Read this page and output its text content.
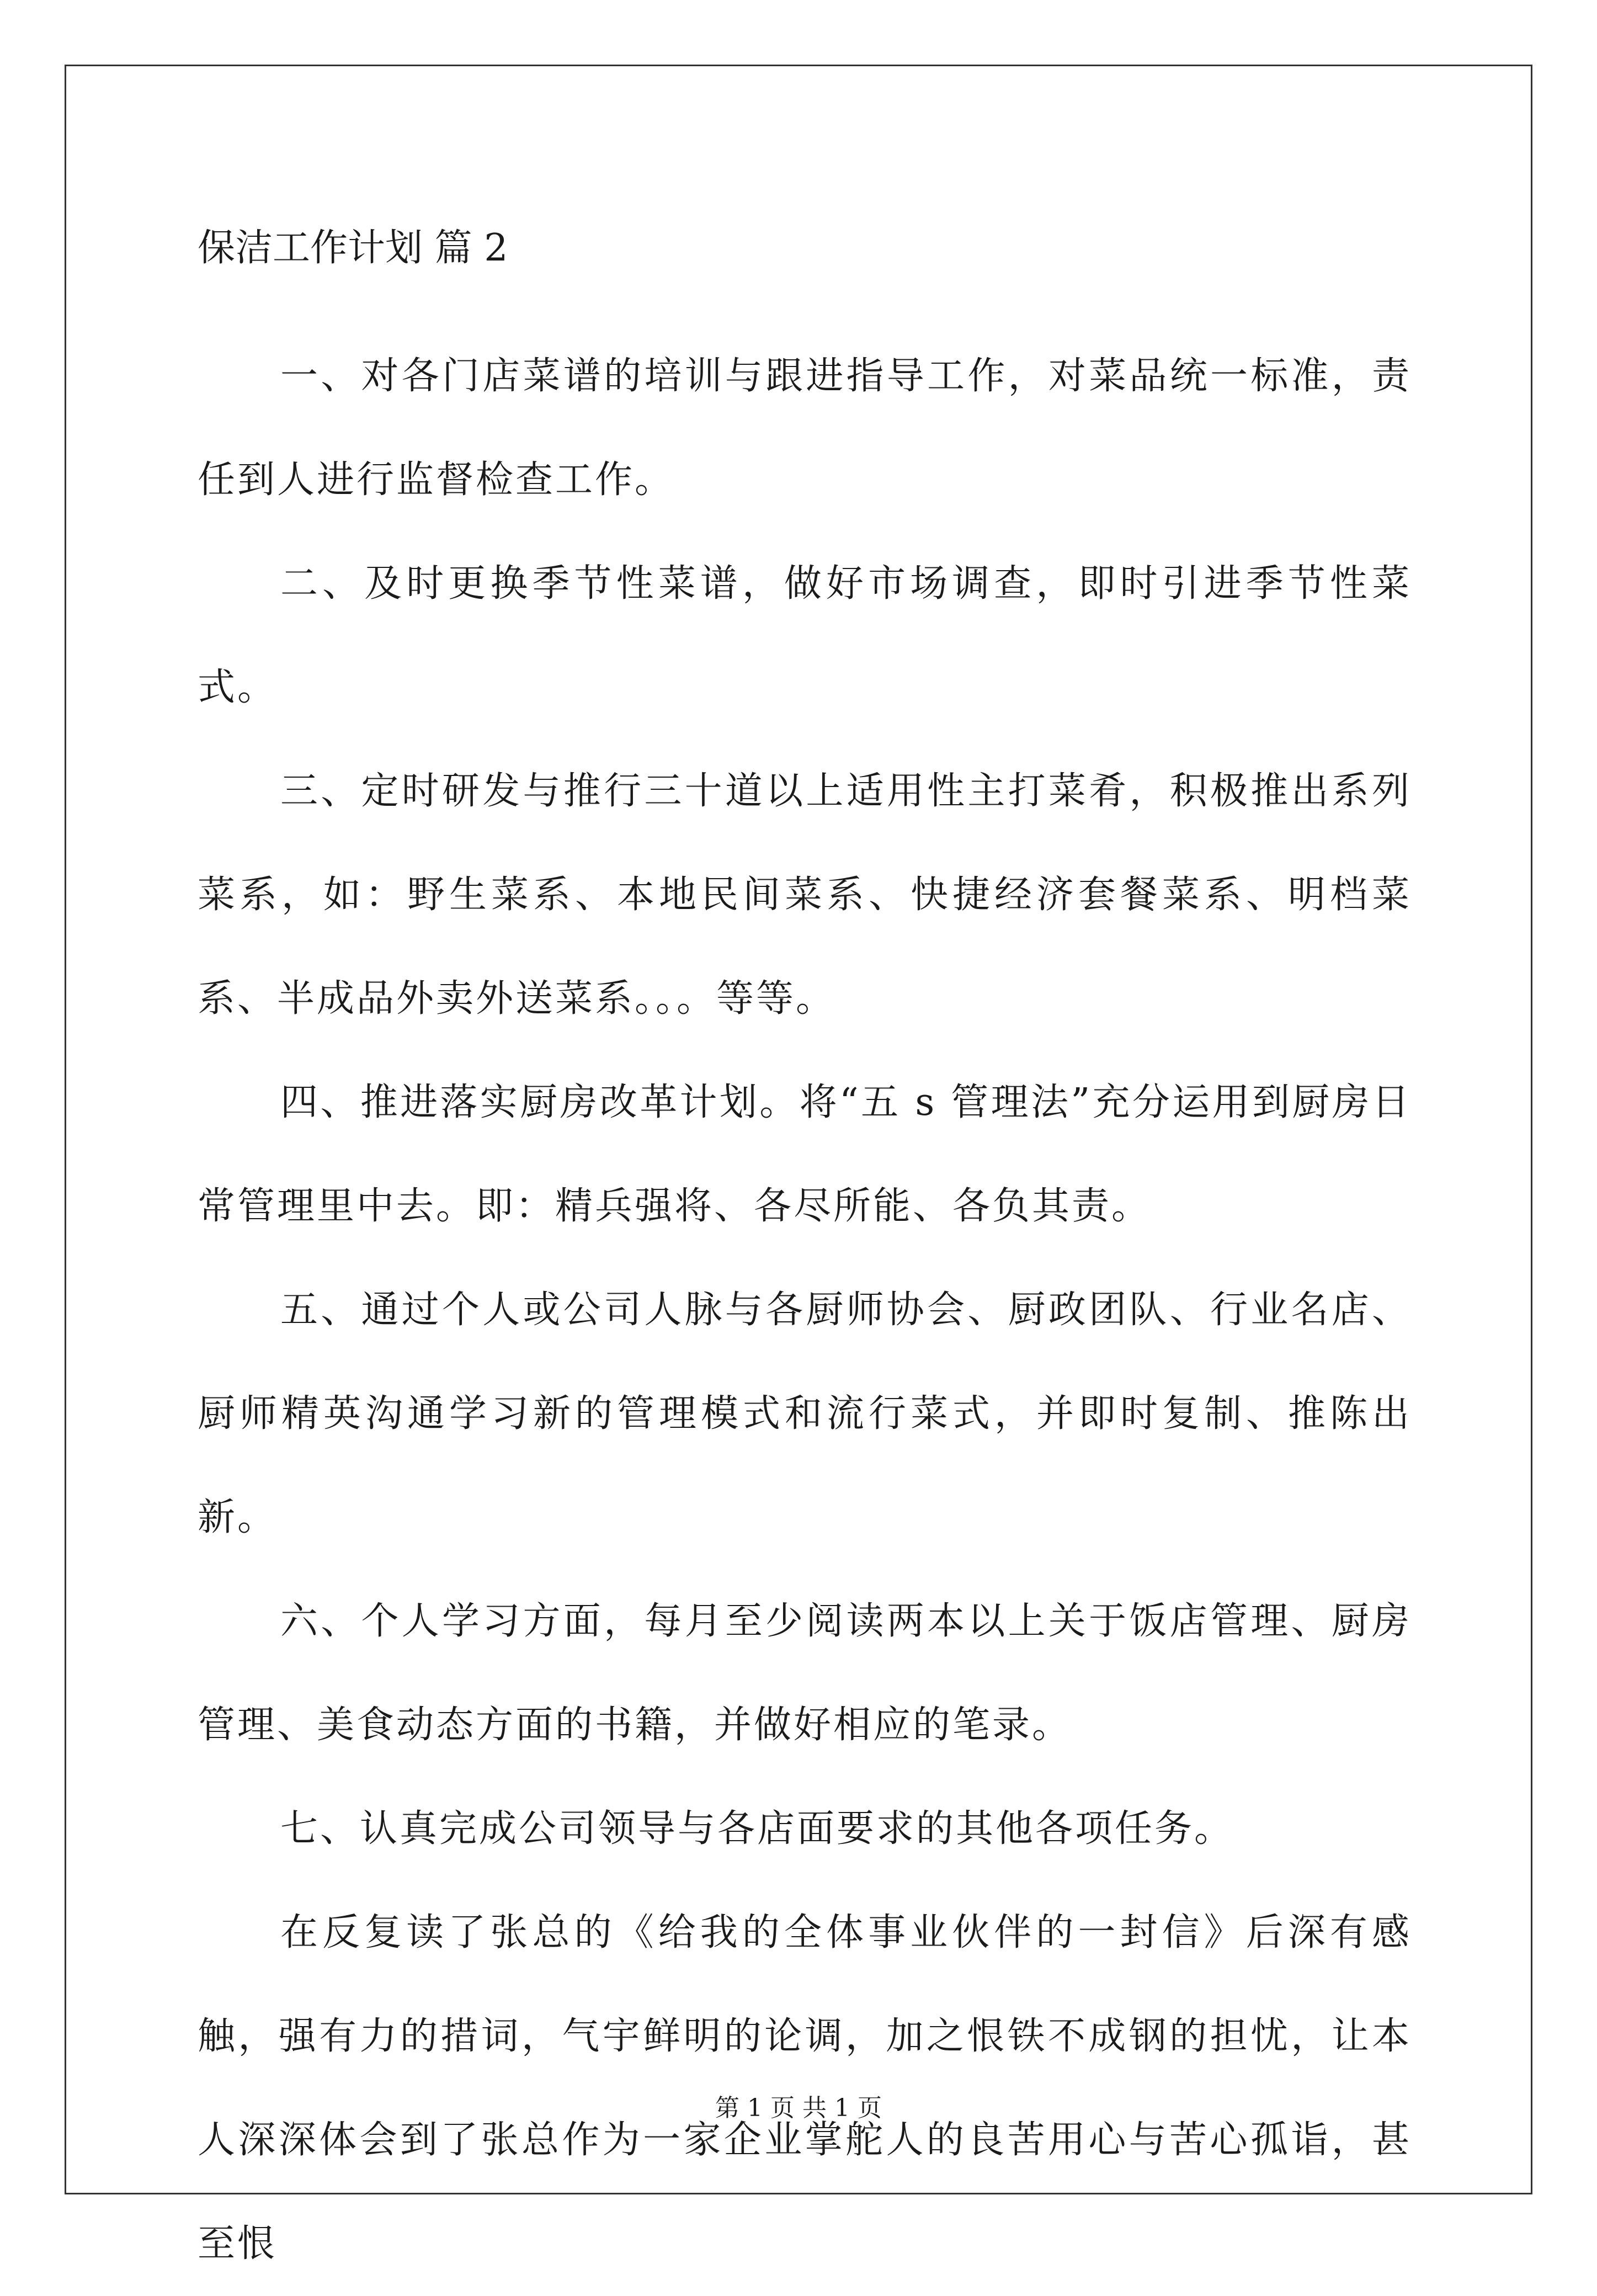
保洁工作计划 篇 2

一、对各门店菜谱的培训与跟进指导工作，对菜品统一标准，责任到人进行监督检查工作。

二、及时更换季节性菜谱，做好市场调查，即时引进季节性菜式。

三、定时研发与推行三十道以上适用性主打菜肴，积极推出系列菜系，如：野生菜系、本地民间菜系、快捷经济套餐菜系、明档菜系、半成品外卖外送菜系。。。等等。

四、推进落实厨房改革计划。将“五 s 管理法”充分运用到厨房日常管理里中去。即：精兵强将、各尽所能、各负其责。

五、通过个人或公司人脉与各厨师协会、厨政团队、行业名店、厨师精英沟通学习新的管理模式和流行菜式，并即时复制、推陈出新。

六、个人学习方面，每月至少阅读两本以上关于饭店管理、厨房管理、美食动态方面的书籍，并做好相应的笔录。

七、认真完成公司领导与各店面要求的其他各项任务。

在反复读了张总的《给我的全体事业伙伴的一封信》后深有感触，强有力的措词，气宇鲜明的论调，加之恨铁不成钢的担忧，让本人深深体会到了张总作为一家企业掌舵人的良苦用心与苦心孤诣，甚至恨

第 1 页 共 1 页
